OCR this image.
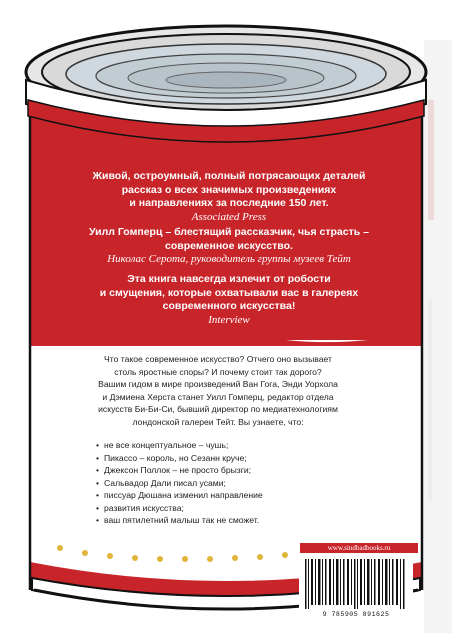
Живой, остроумный, полный потрясающих деталей
рассказ о всех значимых произведениях
и направлениях за последние 150 лет.
Associated Press
Уилл Гомперц – блестящий рассказчик, чья страсть –
современное искусство.
Николас Серота, руководитель группы музеев Тейт
Эта книга навсегда излечит от робости
и смущения, которые охватывали вас в галереях
современного искусства!
Interview
Что такое современное искусство? Отчего оно вызывает
столь яростные споры? И почему стоит так дорого?
Вашим гидом в мире произведений Ван Гога, Энди Уорхола
и Дэмиена Херста станет Уилл Гомперц, редактор отдела
искусств Би-Би-Си, бывший директор по медиатехнологиям
лондонской галереи Тейт. Вы узнаете, что:
• не все концептуальное – чушь;
• Пикассо – король, но Сезанн круче;
• Джексон Поллок – не просто брызги;
• Сальвадор Дали писал усами;
• писсуар Дюшана изменил направление
• развития искусства;
• ваш пятилетний малыш так не сможет.
www.sindbadbooks.ru
9 785905 891625
